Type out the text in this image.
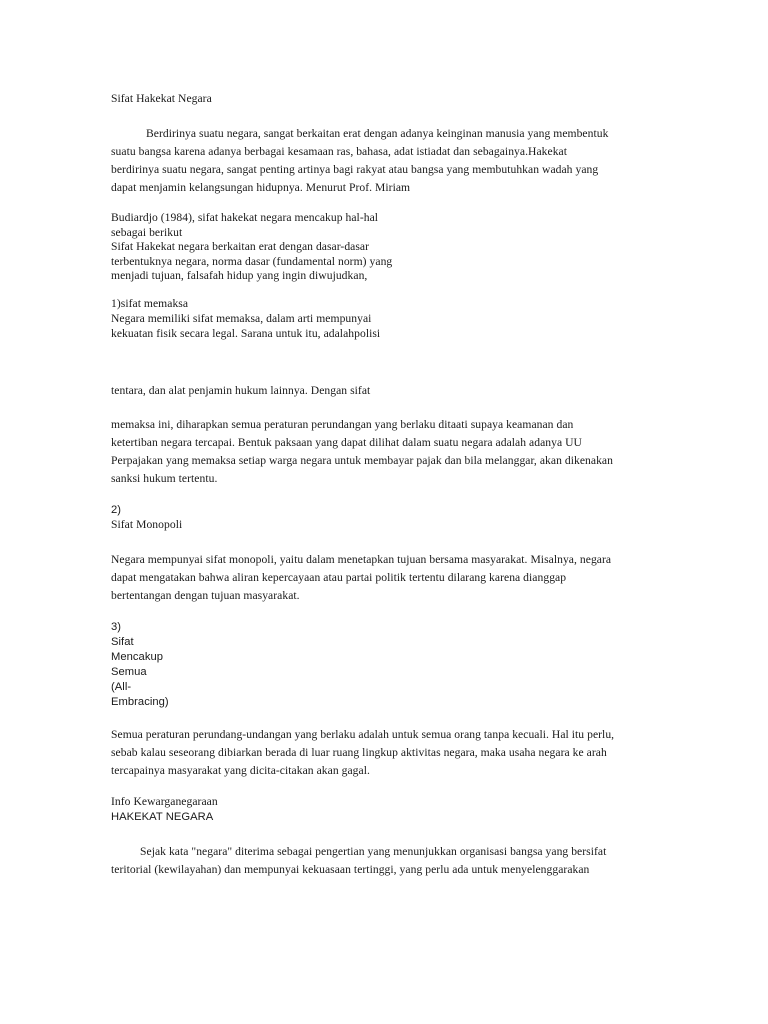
Sifat Hakekat Negara
Berdirinya suatu negara, sangat berkaitan erat dengan adanya keinginan manusia yang membentuk
suatu bangsa karena adanya berbagai kesamaan ras, bahasa, adat istiadat dan sebagainya.Hakekat
berdirinya suatu negara, sangat penting artinya bagi rakyat atau bangsa yang membutuhkan wadah yang
dapat menjamin kelangsungan hidupnya. Menurut Prof. Miriam
Budiardjo (1984), sifat hakekat negara mencakup hal-hal
sebagai berikut
Sifat Hakekat negara berkaitan erat dengan dasar-dasar
terbentuknya negara, norma dasar (fundamental norm) yang
menjadi tujuan, falsafah hidup yang ingin diwujudkan,
1)sifat memaksa
Negara memiliki sifat memaksa, dalam arti mempunyai
kekuatan fisik secara legal. Sarana untuk itu, adalahpolisi
tentara, dan alat penjamin hukum lainnya. Dengan sifat
memaksa ini, diharapkan semua peraturan perundangan yang berlaku ditaati supaya keamanan dan
ketertiban negara tercapai. Bentuk paksaan yang dapat dilihat dalam suatu negara adalah adanya UU
Perpajakan yang memaksa setiap warga negara untuk membayar pajak dan bila melanggar, akan dikenakan
sanksi hukum tertentu.
2)
Sifat Monopoli
Negara mempunyai sifat monopoli, yaitu dalam menetapkan tujuan bersama masyarakat. Misalnya, negara
dapat mengatakan bahwa aliran kepercayaan atau partai politik tertentu dilarang karena dianggap
bertentangan dengan tujuan masyarakat.
3)
Sifat
Mencakup
Semua
(All-
Embracing)
Semua peraturan perundang-undangan yang berlaku adalah untuk semua orang tanpa kecuali. Hal itu perlu,
sebab kalau seseorang dibiarkan berada di luar ruang lingkup aktivitas negara, maka usaha negara ke arah
tercapainya masyarakat yang dicita-citakan akan gagal.
Info Kewarganegaraan
HAKEKAT NEGARA
Sejak kata "negara" diterima sebagai pengertian yang menunjukkan organisasi bangsa yang bersifat
teritorial (kewilayahan) dan mempunyai kekuasaan tertinggi, yang perlu ada untuk menyelenggarakan
